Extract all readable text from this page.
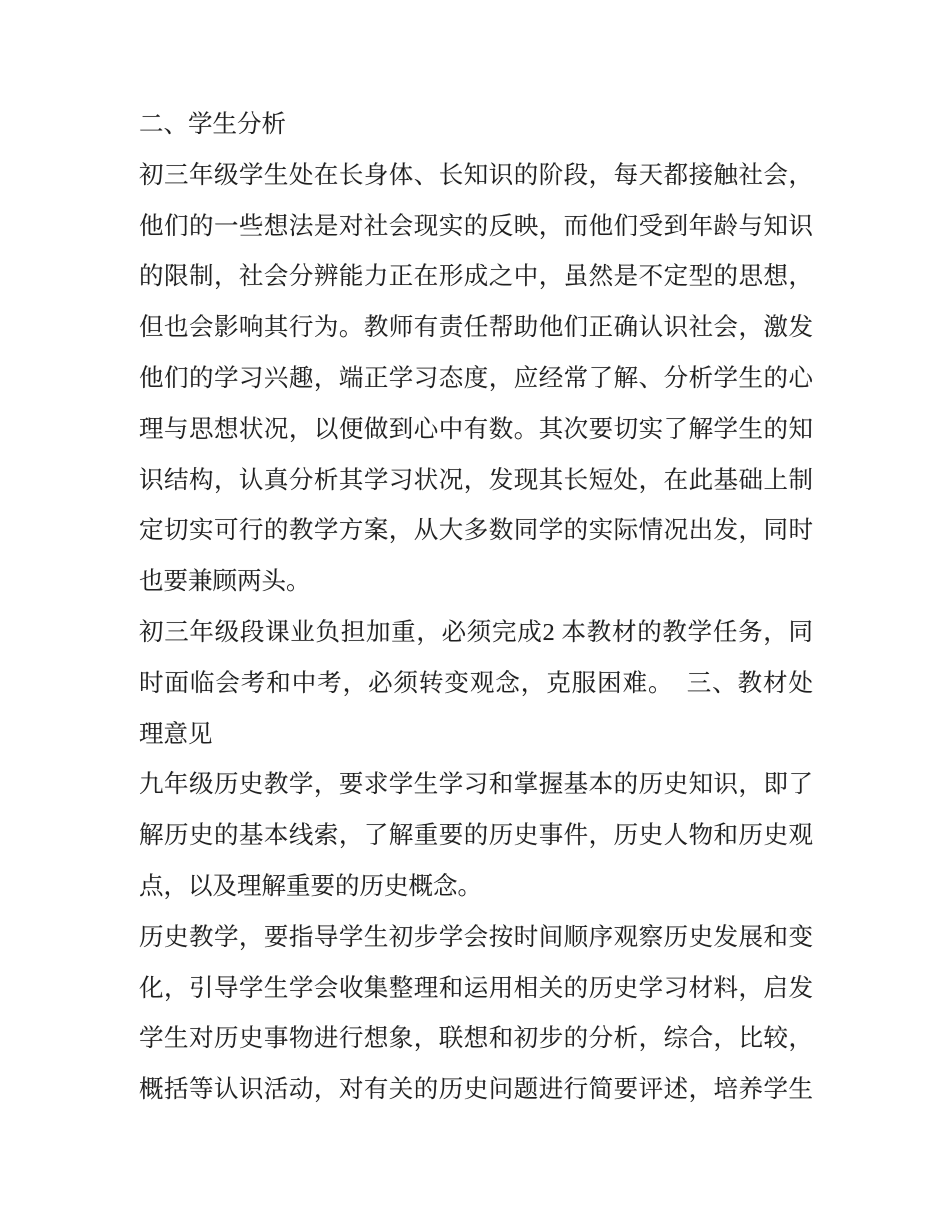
二、学生分析
初三年级学生处在长身体、长知识的阶段，每天都接触社会，
他们的一些想法是对社会现实的反映，而他们受到年龄与知识
的限制，社会分辨能力正在形成之中，虽然是不定型的思想，
但也会影响其行为。教师有责任帮助他们正确认识社会，激发
他们的学习兴趣，端正学习态度，应经常了解、分析学生的心
理与思想状况，以便做到心中有数。其次要切实了解学生的知
识结构，认真分析其学习状况，发现其长短处，在此基础上制
定切实可行的教学方案，从大多数同学的实际情况出发，同时
也要兼顾两头。
初三年级段课业负担加重，必须完成2 本教材的教学任务，同
时面临会考和中考，必须转变观念，克服困难。　三、教材处
理意见
九年级历史教学，要求学生学习和掌握基本的历史知识，即了
解历史的基本线索，了解重要的历史事件，历史人物和历史观
点，以及理解重要的历史概念。
历史教学，要指导学生初步学会按时间顺序观察历史发展和变
化，引导学生学会收集整理和运用相关的历史学习材料，启发
学生对历史事物进行想象，联想和初步的分析，综合，比较，
概括等认识活动，对有关的历史问题进行简要评述，培养学生
